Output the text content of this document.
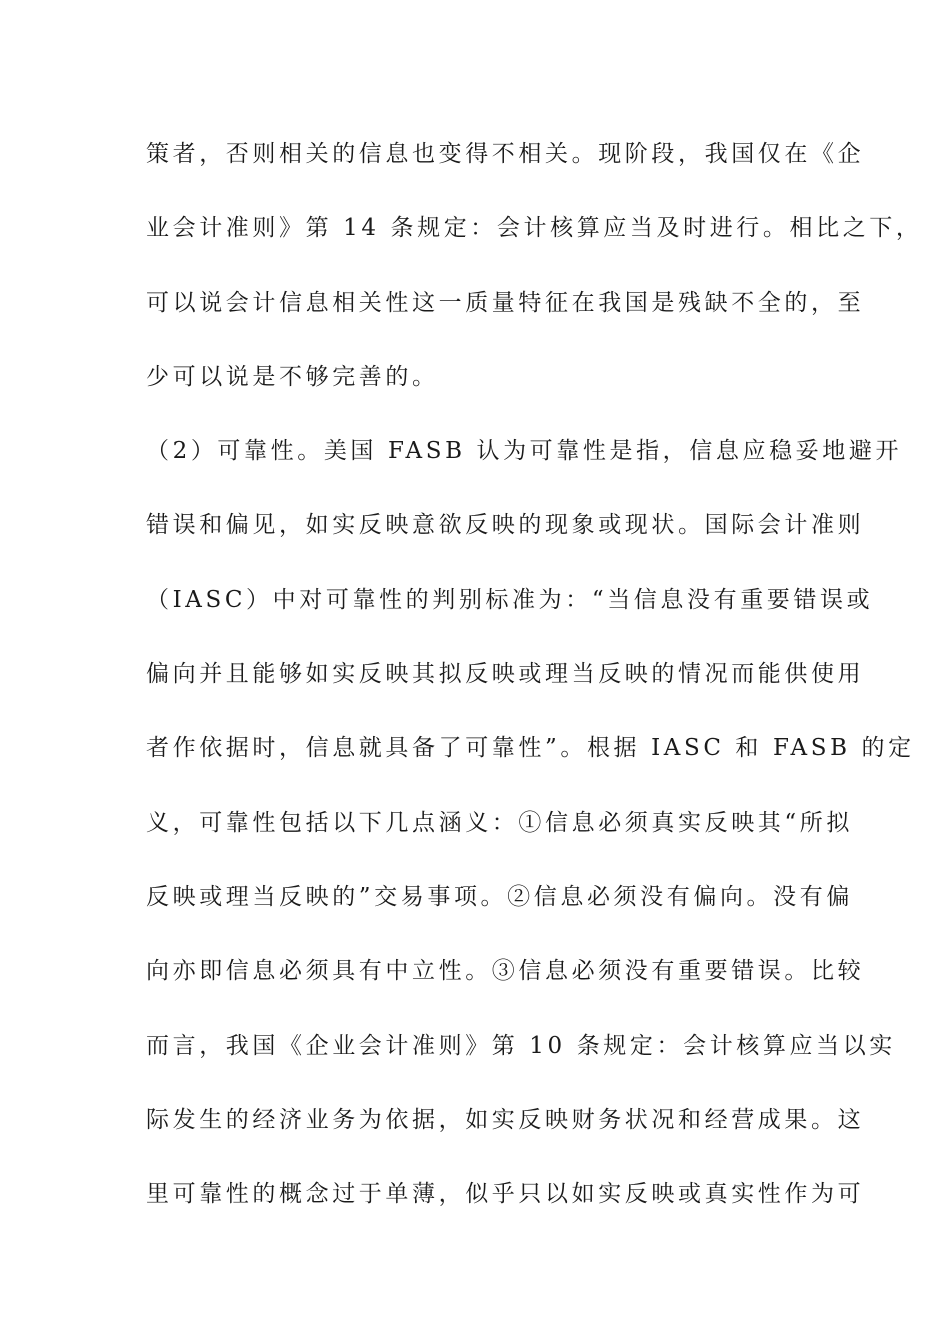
策者，否则相关的信息也变得不相关。现阶段，我国仅在《企
业会计准则》第 14 条规定：会计核算应当及时进行。相比之下，
可以说会计信息相关性这一质量特征在我国是残缺不全的，至
少可以说是不够完善的。
（2）可靠性。美国 FASB 认为可靠性是指，信息应稳妥地避开
错误和偏见，如实反映意欲反映的现象或现状。国际会计准则
（IASC）中对可靠性的判别标准为：“当信息没有重要错误或
偏向并且能够如实反映其拟反映或理当反映的情况而能供使用
者作依据时，信息就具备了可靠性”。根据 IASC 和 FASB 的定
义，可靠性包括以下几点涵义：①信息必须真实反映其“所拟
反映或理当反映的”交易事项。②信息必须没有偏向。没有偏
向亦即信息必须具有中立性。③信息必须没有重要错误。比较
而言，我国《企业会计准则》第 10 条规定：会计核算应当以实
际发生的经济业务为依据，如实反映财务状况和经营成果。这
里可靠性的概念过于单薄，似乎只以如实反映或真实性作为可
